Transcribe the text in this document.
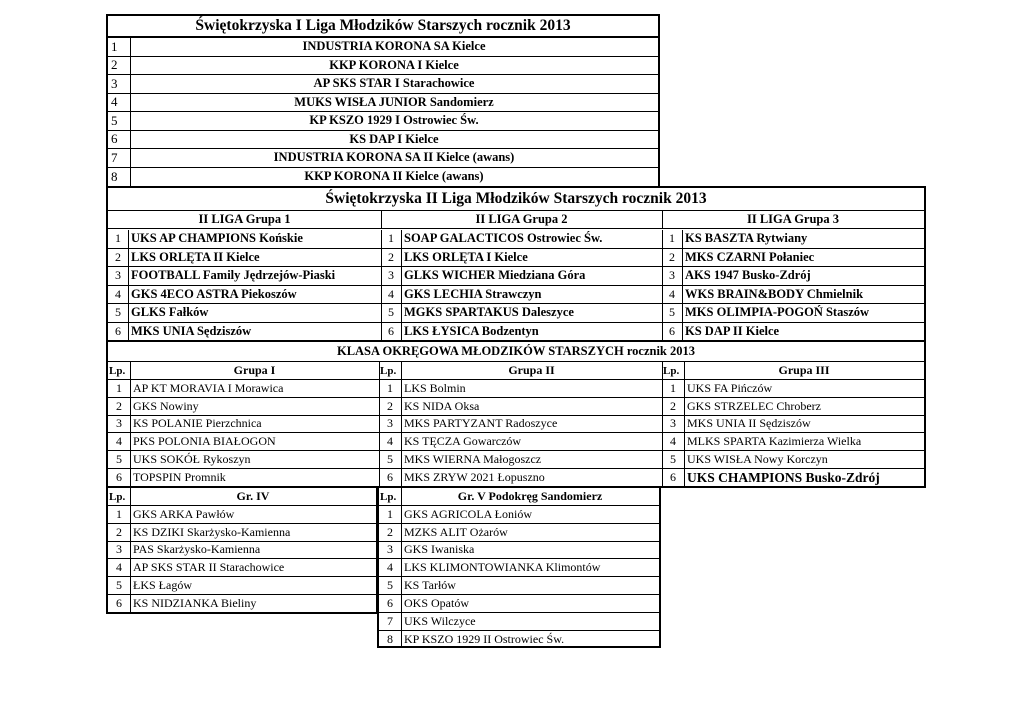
Świętokrzyska I Liga Młodzików Starszych rocznik 2013
1	INDUSTRIA KORONA SA Kielce
2	KKP KORONA I Kielce
3	AP SKS STAR I Starachowice
4	MUKS WISŁA JUNIOR Sandomierz
5	KP KSZO 1929 I Ostrowiec Św.
6	KS DAP I Kielce
7	INDUSTRIA KORONA SA II Kielce (awans)
8	KKP KORONA II Kielce (awans)
Świętokrzyska II Liga Młodzików Starszych rocznik 2013
II LIGA Grupa 1	II LIGA Grupa 2	II LIGA Grupa 3
1 UKS AP CHAMPIONS Końskie	1 SOAP GALACTICOS Ostrowiec Św.	1 KS BASZTA Rytwiany
2 LKS ORLĘTA II Kielce	2 LKS ORLĘTA I Kielce	2 MKS CZARNI Połaniec
3 FOOTBALL Family Jędrzejów-Piaski	3 GLKS WICHER Miedziana Góra	3 AKS 1947 Busko-Zdrój
4 GKS 4ECO ASTRA Piekoszów	4 GKS LECHIA Strawczyn	4 WKS BRAIN&BODY Chmielnik
5 GLKS Fałków	5 MGKS SPARTAKUS Daleszyce	5 MKS OLIMPIA-POGOŃ Staszów
6 MKS UNIA Sędziszów	6 LKS ŁYSICA Bodzentyn	6 KS DAP II Kielce
KLASA OKRĘGOWA MŁODZIKÓW STARSZYCH rocznik 2013
Lp.	Grupa I	Lp.	Grupa II	Lp.	Grupa III
1 AP KT MORAVIA I Morawica	1 LKS Bolmin	1 UKS FA Pińczów
2 GKS Nowiny	2 KS NIDA Oksa	2 GKS STRZELEC Chroberz
3 KS POLANIE Pierzchnica	3 MKS PARTYZANT Radoszyce	3 MKS UNIA II Sędziszów
4 PKS POLONIA BIAŁOGON	4 KS TĘCZA Gowarczów	4 MLKS SPARTA Kazimierza Wielka
5 UKS SOKÓŁ Rykoszyn	5 MKS WIERNA Małogoszcz	5 UKS WISŁA Nowy Korczyn
6 TOPSPIN Promnik	6 MKS ZRYW 2021 Łopuszno	6 UKS CHAMPIONS Busko-Zdrój
Lp.	Gr. IV
1 GKS ARKA Pawłów
2 KS DZIKI Skarżysko-Kamienna
3 PAS Skarżysko-Kamienna
4 AP SKS STAR II Starachowice
5 ŁKS Łagów
6 KS NIDZIANKA Bieliny
Lp.	Gr. V Podokręg Sandomierz
1 GKS AGRICOLA Łoniów
2 MZKS ALIT Ożarów
3 GKS Iwaniska
4 LKS KLIMONTOWIANKA Klimontów
5 KS Tarłów
6 OKS Opatów
7 UKS Wilczyce
8 KP KSZO 1929 II Ostrowiec Św.
